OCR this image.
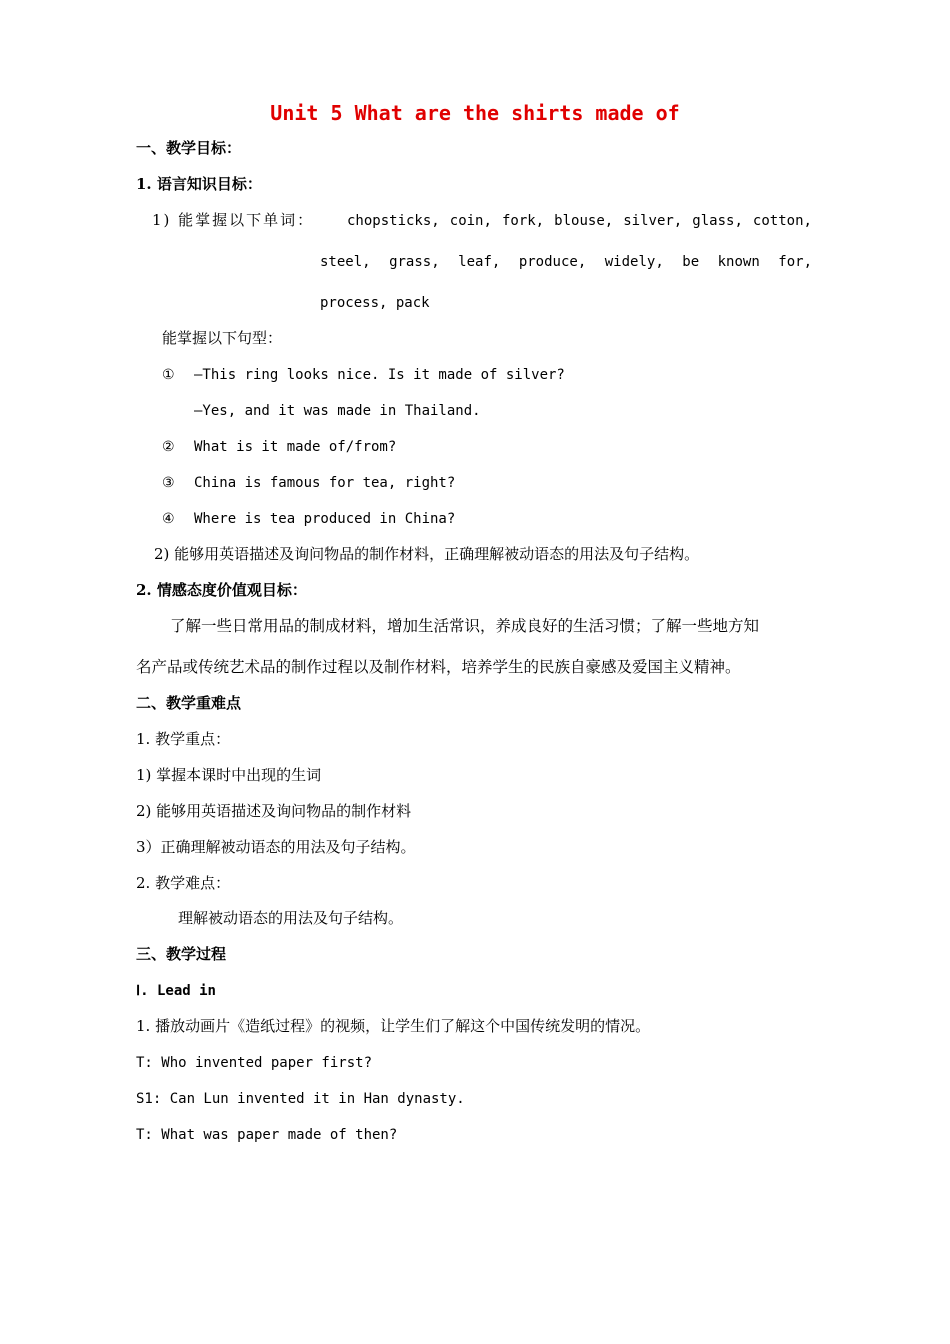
Unit 5 What are the shirts made of
一、教学目标：
1. 语言知识目标：
1) 能掌握以下单词： chopsticks, coin, fork, blouse, silver, glass, cotton,
steel, grass, leaf, produce, widely, be known for,
process, pack
能掌握以下句型：
① —This ring looks nice. Is it made of silver?
—Yes, and it was made in Thailand.
② What is it made of/from?
③ China is famous for tea, right?
④ Where is tea produced in China?
2) 能够用英语描述及询问物品的制作材料，正确理解被动语态的用法及句子结构。
2. 情感态度价值观目标：
了解一些日常用品的制成材料，增加生活常识，养成良好的生活习惯；了解一些地方知
名产品或传统艺术品的制作过程以及制作材料，培养学生的民族自豪感及爱国主义精神。
二、教学重难点
1. 教学重点：
1) 掌握本课时中出现的生词
2) 能够用英语描述及询问物品的制作材料
3）正确理解被动语态的用法及句子结构。
2. 教学难点：
理解被动语态的用法及句子结构。
三、教学过程
Ⅰ. Lead in
1. 播放动画片《造纸过程》的视频，让学生们了解这个中国传统发明的情况。
T: Who invented paper first?
S1: Can Lun invented it in Han dynasty.
T: What was paper made of then?
